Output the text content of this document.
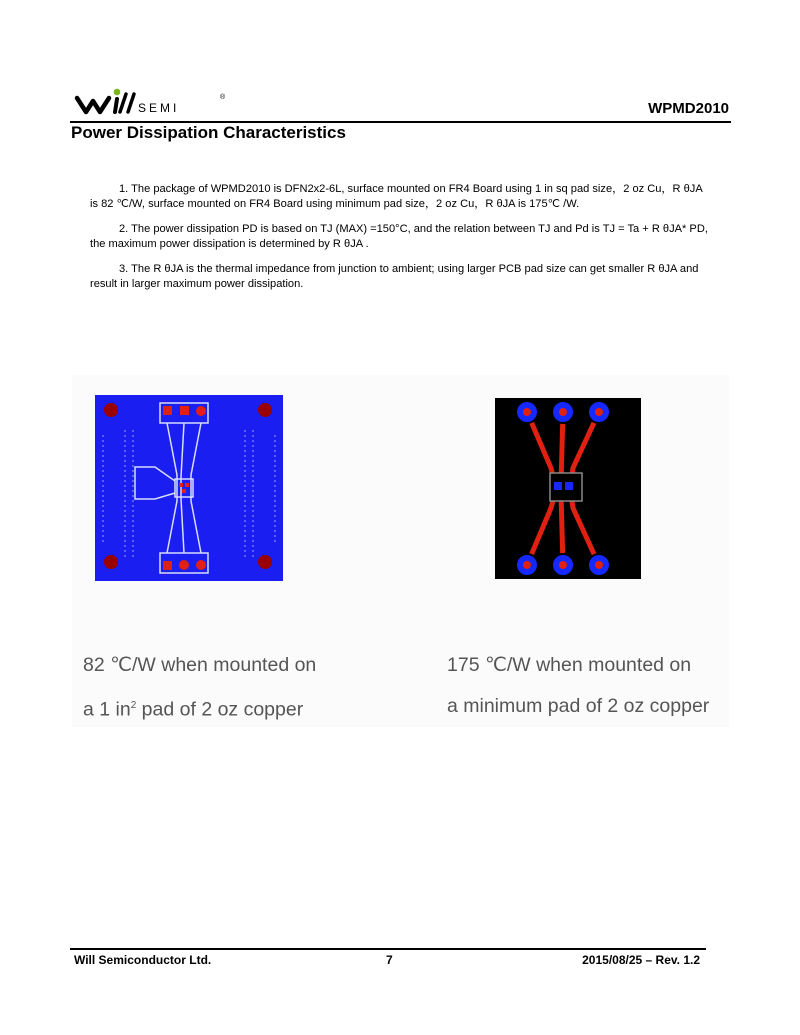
SEMI
®
WPMD2010
Power Dissipation Characteristics

1. The package of WPMD2010 is DFN2x2-6L, surface mounted on FR4 Board using 1 in sq pad size，2 oz Cu，R θJA is 82 ℃/W, surface mounted on FR4 Board using minimum pad size，2 oz Cu，R θJA is 175℃ /W.

2. The power dissipation PD is based on TJ (MAX) =150°C, and the relation between TJ and Pd is TJ = Ta + R θJA* PD, the maximum power dissipation is determined by R θJA .

3. The R θJA is the thermal impedance from junction to ambient; using larger PCB pad size can get smaller R θJA and result in larger maximum power dissipation.

82 ℃/W when mounted on
a 1 $in^2$ pad of 2 oz copper
175 ℃/W when mounted on
a minimum pad of 2 oz copper
Will Semiconductor Ltd.	7	2015/08/25 – Rev. 1.2
